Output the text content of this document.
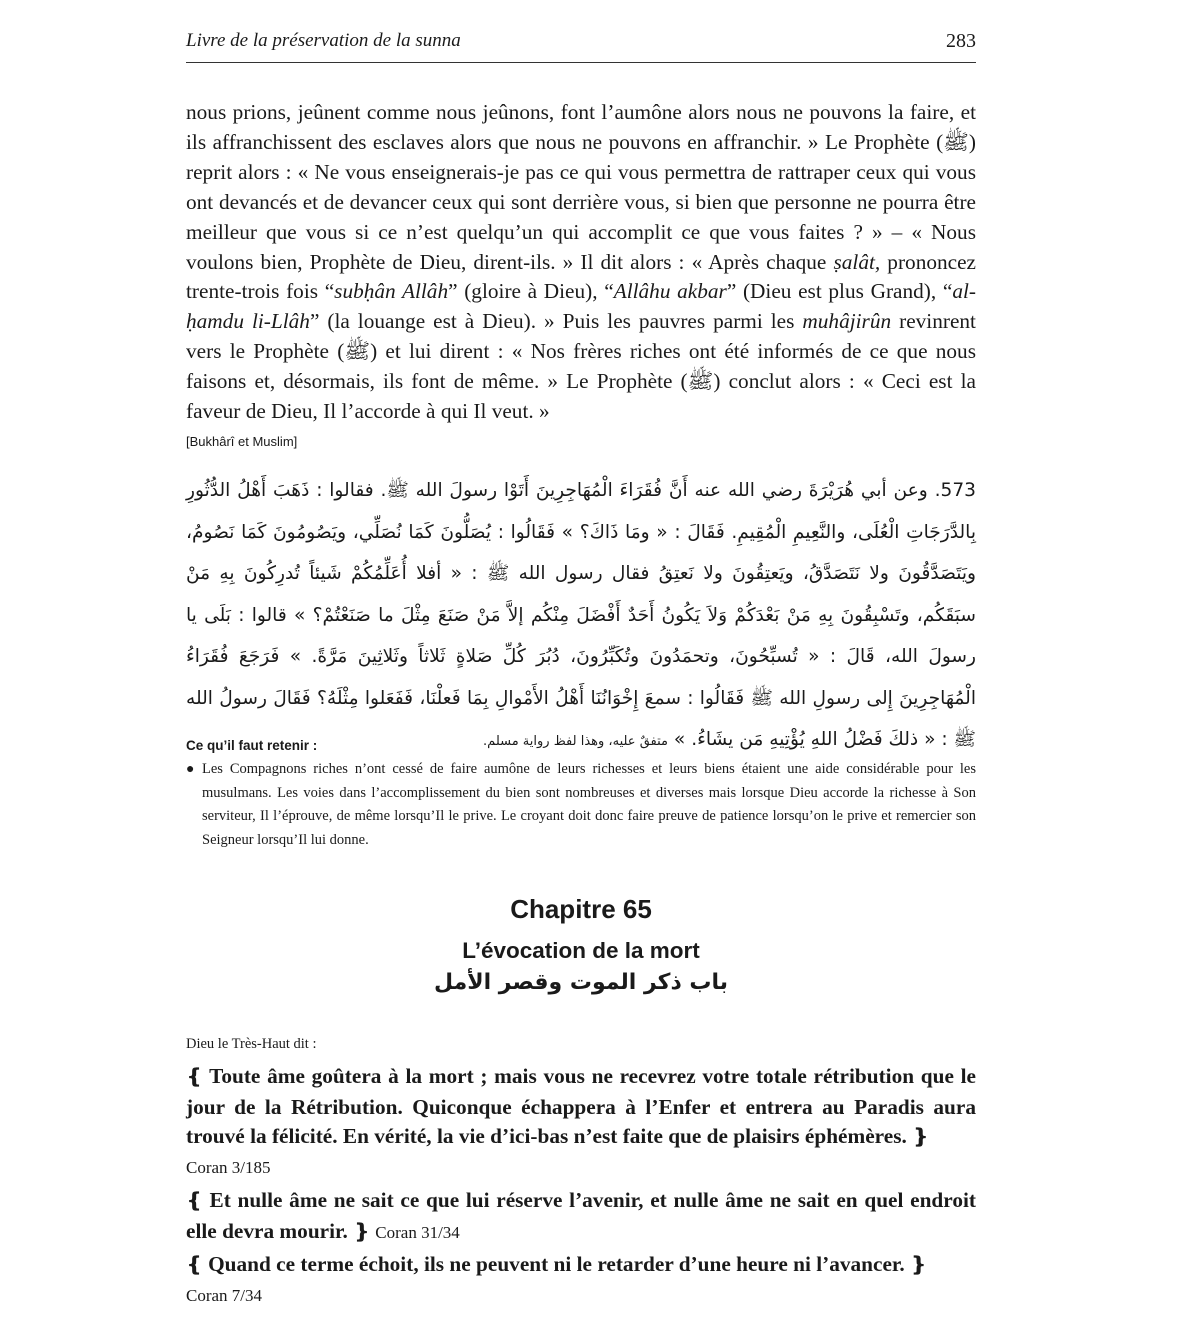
Livre de la préservation de la sunna	283

nous prions, jeûnent comme nous jeûnons, font l’aumône alors nous ne pouvons la faire, et ils affranchissent des esclaves alors que nous ne pouvons en affranchir. » Le Prophète (ﷺ) reprit alors : « Ne vous enseignerais-je pas ce qui vous permettra de rattraper ceux qui vous ont devancés et de devancer ceux qui sont derrière vous, si bien que personne ne pourra être meilleur que vous si ce n’est quelqu’un qui accomplit ce que vous faites ? » – « Nous voulons bien, Prophète de Dieu, dirent-ils. » Il dit alors : « Après chaque ṣalât, prononcez trente-trois fois “subḥân Allâh” (gloire à Dieu), “Allâhu akbar” (Dieu est plus Grand), “al-ḥamdu li-Llâh” (la louange est à Dieu). » Puis les pauvres parmi les muhâjirûn revinrent vers le Prophète (ﷺ) et lui dirent : « Nos frères riches ont été informés de ce que nous faisons et, désormais, ils font de même. » Le Prophète (ﷺ) conclut alors : « Ceci est la faveur de Dieu, Il l’accorde à qui Il veut. »

[Bukhârî et Muslim]
573. وعن أبي هُرَيْرَةَ رضي الله عنه أَنَّ فُقَرَاءَ الْمُهَاجِرِينَ أَتَوْا رسولَ الله ﷺ. فقالوا : ذَهَبَ أَهْلُ الدُّثُورِ بِالدَّرَجَاتِ الْعُلَى، والنَّعِيمِ الْمُقِيمِ. فَقَالَ : « ومَا ذَاكَ؟ » فَقَالُوا : يُصَلُّونَ كَمَا نُصَلِّي، ويَصُومُونَ كَمَا نَصُومُ، ويَتَصَدَّقُونَ ولا نَتَصَدَّقُ، ويَعتِقُونَ ولا نَعتِقُ فقال رسول الله ﷺ : « أفلا أُعَلِّمُكُمْ شَيئاً تُدرِكُونَ بِهِ مَنْ سبَقَكُم، وتَسْبِقُونَ بِهِ مَنْ بَعْدَكُمْ وَلاَ يَكُونُ أَحَدٌ أَفْضَلَ مِنْكُم إلاَّ مَنْ صَنَعَ مِثْلَ ما صَنَعْتُمْ؟ » قالوا : بَلَى يا رسولَ الله، قَالَ : « تُسبِّحُونَ، وتحمَدُونَ وتُكَبِّرُونَ، دُبُرَ كُلِّ صَلاةٍ ثَلاثاً وثَلاثِينَ مَرَّةً. » فَرَجَعَ فُقَرَاءُ الْمُهَاجِرِينَ إِلى رسولِ الله ﷺ فَقَالُوا : سمعَ إِخْوَانُنَا أَهْلُ الأَمْوالِ بِمَا فَعلْنَا، فَفَعَلوا مِثْلَهُ؟ فَقَالَ رسولُ الله ﷺ : « ذلكَ فَضْلُ اللهِ يُؤْتِيهِ مَن يشَاءُ. » متفقٌ عليه، وهذا لفظ رواية مسلم.
Ce qu’il faut retenir :
● Les Compagnons riches n’ont cessé de faire aumône de leurs richesses et leurs biens étaient une aide considérable pour les musulmans. Les voies dans l’accomplissement du bien sont nombreuses et diverses mais lorsque Dieu accorde la richesse à Son serviteur, Il l’éprouve, de même lorsqu’Il le prive. Le croyant doit donc faire preuve de patience lorsqu’on le prive et remercier son Seigneur lorsqu’Il lui donne.
Chapitre 65
L’évocation de la mort
باب ذكر الموت وقصر الأمل
Dieu le Très-Haut dit :
❴ Toute âme goûtera à la mort ; mais vous ne recevrez votre totale rétribution que le jour de la Rétribution. Quiconque échappera à l’Enfer et entrera au Paradis aura trouvé la félicité. En vérité, la vie d’ici-bas n’est faite que de plaisirs éphémères. ❵
Coran 3/185
❴ Et nulle âme ne sait ce que lui réserve l’avenir, et nulle âme ne sait en quel endroit elle devra mourir. ❵ Coran 31/34
❴ Quand ce terme échoit, ils ne peuvent ni le retarder d’une heure ni l’avancer. ❵
Coran 7/34
